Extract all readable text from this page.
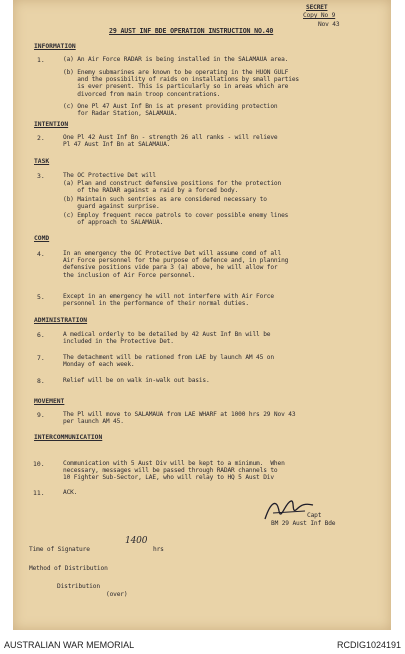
SECRET
Copy No 9
Nov 43
29 AUST INF BDE OPERATION INSTRUCTION NO.40
INFORMATION
1.	(a) An Air Force RADAR is being installed in the SALAMAUA area.
(b) Enemy submarines are known to be operating in the HUON GULF
and the possibility of raids on installations by small parties
is ever present. This is particularly so in areas which are
divorced from main troop concentrations.
(c) One Pl 47 Aust Inf Bn is at present providing protection
for Radar Station, SALAMAUA.
INTENTION
2.	One Pl 42 Aust Inf Bn - strength 26 all ranks - will relieve
Pl 47 Aust Inf Bn at SALAMAUA.
TASK
3.	The OC Protective Det will
(a) Plan and construct defensive positions for the protection
of the RADAR against a raid by a forced body.
(b) Maintain such sentries as are considered necessary to
guard against surprise.
(c) Employ frequent recce patrols to cover possible enemy lines
of approach to SALAMAUA.
COMD
4.	In an emergency the OC Protective Det will assume comd of all
Air Force personnel for the purpose of defence and, in planning
defensive positions vide para 3 (a) above, he will allow for
the inclusion of Air Force personnel.
5.	Except in an emergency he will not interfere with Air Force
personnel in the performance of their normal duties.
ADMINISTRATION
6.	A medical orderly to be detailed by 42 Aust Inf Bn will be
included in the Protective Det.
7.	The detachment will be rationed from LAE by launch AM 45 on
Monday of each week.
8.	Relief will be on walk in-walk out basis.
MOVEMENT
9.	The Pl will move to SALAMAUA from LAE WHARF at 1000 hrs 29 Nov 43
per launch AM 45.
INTERCOMMUNICATION
10.	Communication with 5 Aust Div will be kept to a minimum.  When
necessary, messages will be passed through RADAR channels to
10 Fighter Sub-Sector, LAE, who will relay to HQ 5 Aust Div
11.	ACK.
Capt
BM 29 Aust Inf Bde
Time of Signature
1400
hrs
Method of Distribution
Distribution
(over)
AUSTRALIAN WAR MEMORIAL	RCDIG1024191
